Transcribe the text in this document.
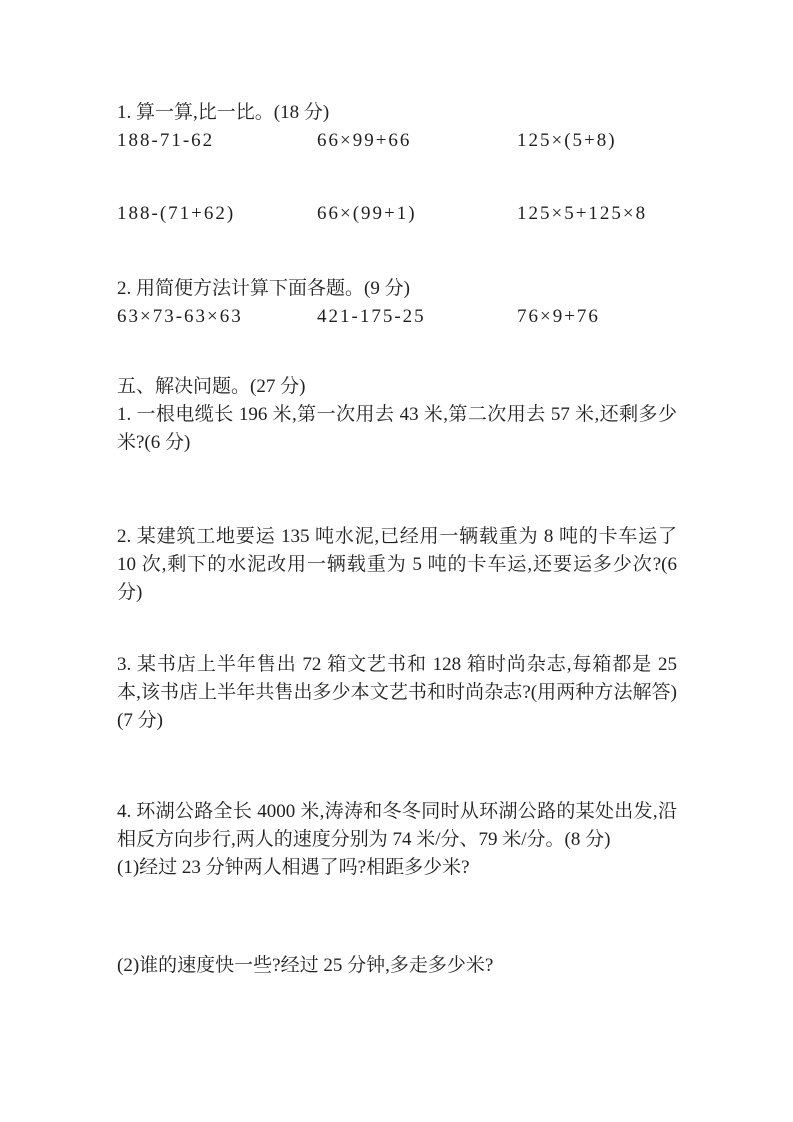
1. 算一算,比一比。(18 分)
188-71-62	66×99+66	125×(5+8)
188-(71+62)	66×(99+1)	125×5+125×8
2. 用简便方法计算下面各题。(9 分)
63×73-63×63	421-175-25	76×9+76
五、解决问题。(27 分)
1. 一根电缆长 196 米,第一次用去 43 米,第二次用去 57 米,还剩多少米?(6 分)
2. 某建筑工地要运 135 吨水泥,已经用一辆载重为 8 吨的卡车运了 10 次,剩下的水泥改用一辆载重为 5 吨的卡车运,还要运多少次?(6 分)
3. 某书店上半年售出 72 箱文艺书和 128 箱时尚杂志,每箱都是 25 本,该书店上半年共售出多少本文艺书和时尚杂志?(用两种方法解答)(7 分)
4. 环湖公路全长 4000 米,涛涛和冬冬同时从环湖公路的某处出发,沿相反方向步行,两人的速度分别为 74 米/分、79 米/分。(8 分)
(1)经过 23 分钟两人相遇了吗?相距多少米?
(2)谁的速度快一些?经过 25 分钟,多走多少米?
